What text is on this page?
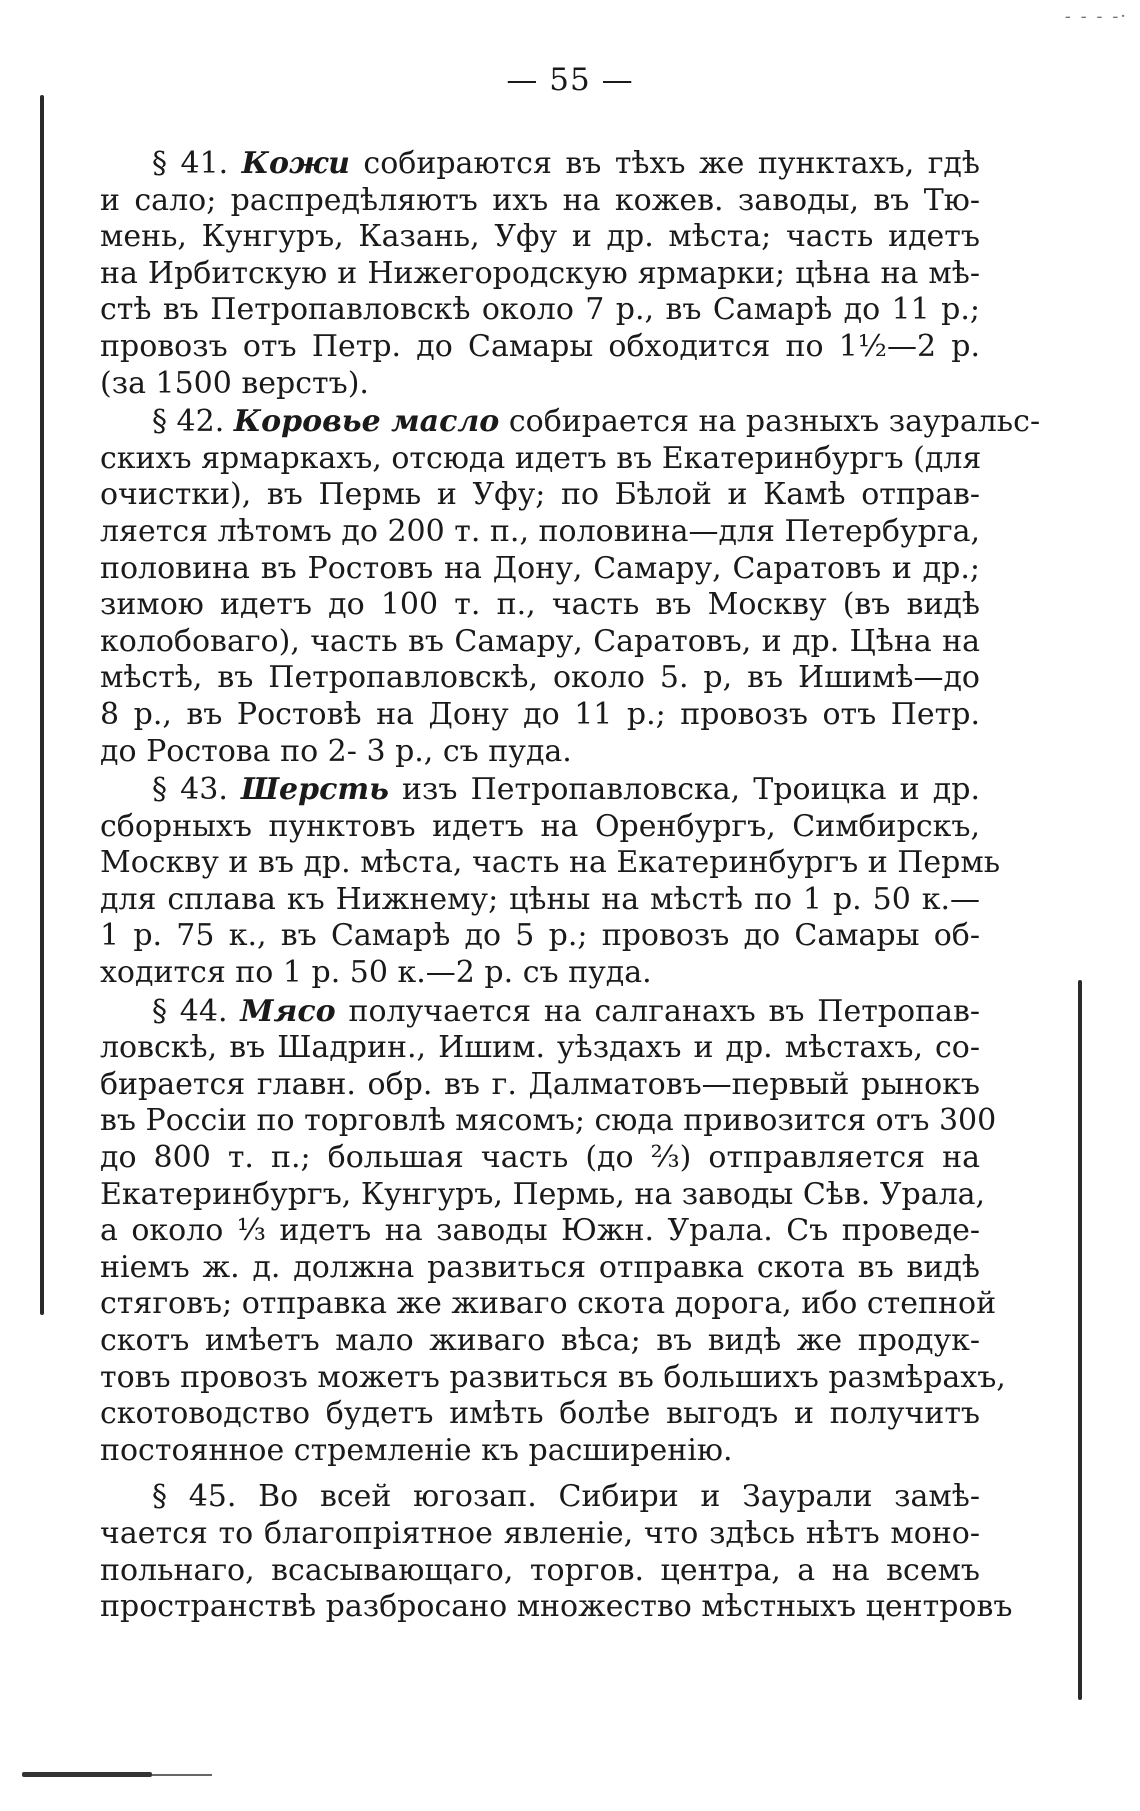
- - - -·
— 55 —
§ 41. Кожи собираются въ тѣхъ же пунктахъ, гдѣ
и сало; распредѣляютъ ихъ на кожев. заводы, въ Тю-
мень, Кунгуръ, Казань, Уфу и др. мѣста; часть идетъ
на Ирбитскую и Нижегородскую ярмарки; цѣна на мѣ-
стѣ въ Петропавловскѣ около 7 р., въ Самарѣ до 11 р.;
провозъ отъ Петр. до Самары обходится по 1½—2 р.
(за 1500 верстъ).
§ 42. Коровье масло собирается на разныхъ зауральс-
скихъ ярмаркахъ, отсюда идетъ въ Екатеринбургъ (для
очистки), въ Пермь и Уфу; по Бѣлой и Камѣ отправ-
ляется лѣтомъ до 200 т. п., половина—для Петербурга,
половина въ Ростовъ на Дону, Самару, Саратовъ и др.;
зимою идетъ до 100 т. п., часть въ Москву (въ видѣ
колобоваго), часть въ Самару, Саратовъ, и др. Цѣна на
мѣстѣ, въ Петропавловскѣ, около 5. р, въ Ишимѣ—до
8 р., въ Ростовѣ на Дону до 11 р.; провозъ отъ Петр.
до Ростова по 2- 3 р., съ пуда.
§ 43. Шерсть изъ Петропавловска, Троицка и др.
сборныхъ пунктовъ идетъ на Оренбургъ, Симбирскъ,
Москву и въ др. мѣста, часть на Екатеринбургъ и Пермь
для сплава къ Нижнему; цѣны на мѣстѣ по 1 р. 50 к.—
1 р. 75 к., въ Самарѣ до 5 р.; провозъ до Самары об-
ходится по 1 р. 50 к.—2 р. съ пуда.
§ 44. Мясо получается на салганахъ въ Петропав-
ловскѣ, въ Шадрин., Ишим. уѣздахъ и др. мѣстахъ, со-
бирается главн. обр. въ г. Далматовъ—первый рынокъ
въ Россіи по торговлѣ мясомъ; сюда привозится отъ 300
до 800 т. п.; большая часть (до ⅔) отправляется на
Екатеринбургъ, Кунгуръ, Пермь, на заводы Сѣв. Урала,
а около ⅓ идетъ на заводы Южн. Урала. Съ проведе-
ніемъ ж. д. должна развиться отправка скота въ видѣ
стяговъ; отправка же живаго скота дорога, ибо степной
скотъ имѣетъ мало живаго вѣса; въ видѣ же продук-
товъ провозъ можетъ развиться въ большихъ размѣрахъ,
скотоводство будетъ имѣть болѣе выгодъ и получитъ
постоянное стремленіе къ расширенію.
§ 45. Во всей югозап. Сибири и Заурали замѣ-
чается то благопріятное явленіе, что здѣсь нѣтъ моно-
польнаго, всасывающаго, торгов. центра, а на всемъ
пространствѣ разбросано множество мѣстныхъ центровъ
